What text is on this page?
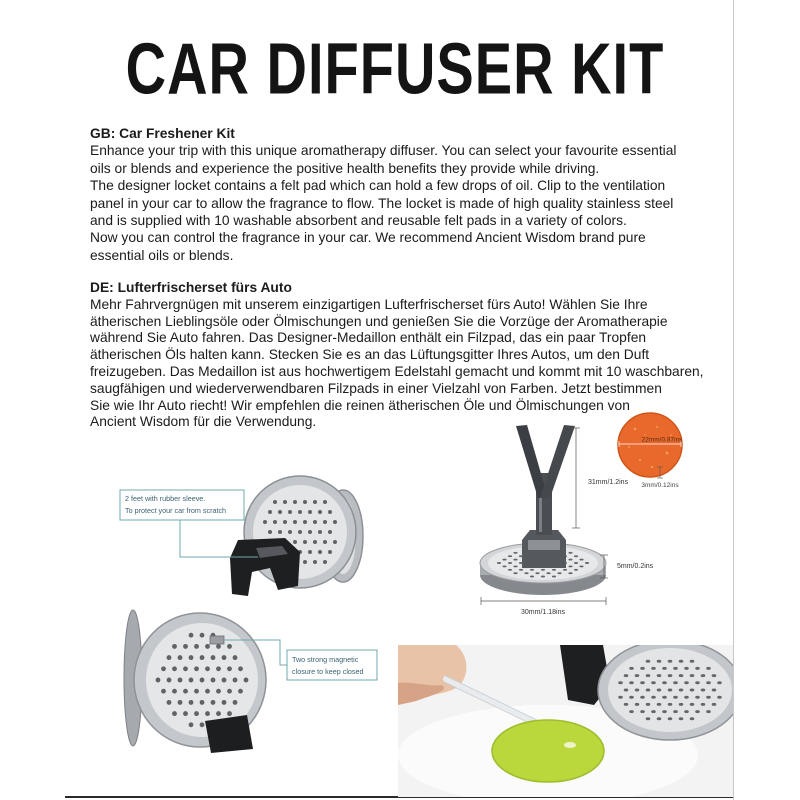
CAR DIFFUSER KIT
GB: Car Freshener Kit
Enhance your trip with this unique aromatherapy diffuser. You can select your favourite essential
oils or blends and experience the positive health benefits they provide while driving.
The designer locket contains a felt pad which can hold a few drops of oil. Clip to the ventilation
panel in your car to allow the fragrance to flow. The locket is made of high quality stainless steel
and is supplied with 10 washable absorbent and reusable felt pads in a variety of colors.
Now you can control the fragrance in your car. We recommend Ancient Wisdom brand pure
essential oils or blends.
DE: Lufterfrischerset fürs Auto
Mehr Fahrvergnügen mit unserem einzigartigen Lufterfrischerset fürs Auto! Wählen Sie Ihre
ätherischen Lieblingsöle oder Ölmischungen und genießen Sie die Vorzüge der Aromatherapie
während Sie Auto fahren. Das Designer-Medaillon enthält ein Filzpad, das ein paar Tropfen
ätherischen Öls halten kann. Stecken Sie es an das Lüftungsgitter Ihres Autos, um den Duft
freizugeben. Das Medaillon ist aus hochwertigem Edelstahl gemacht und kommt mit 10 waschbaren,
saugfähigen und wiederverwendbaren Filzpads in einer Vielzahl von Farben. Jetzt bestimmen
Sie wie Ihr Auto riecht! Wir empfehlen die reinen ätherischen Öle und Ölmischungen von
Ancient Wisdom für die Verwendung.
22mm/0.87ins
3mm/0.12ins
31mm/1.2ins
5mm/0.2ins
30mm/1.18ins
2 feet with rubber sleeve.
To protect your car from scratch
Two strong magnetic
closure to keep closed
